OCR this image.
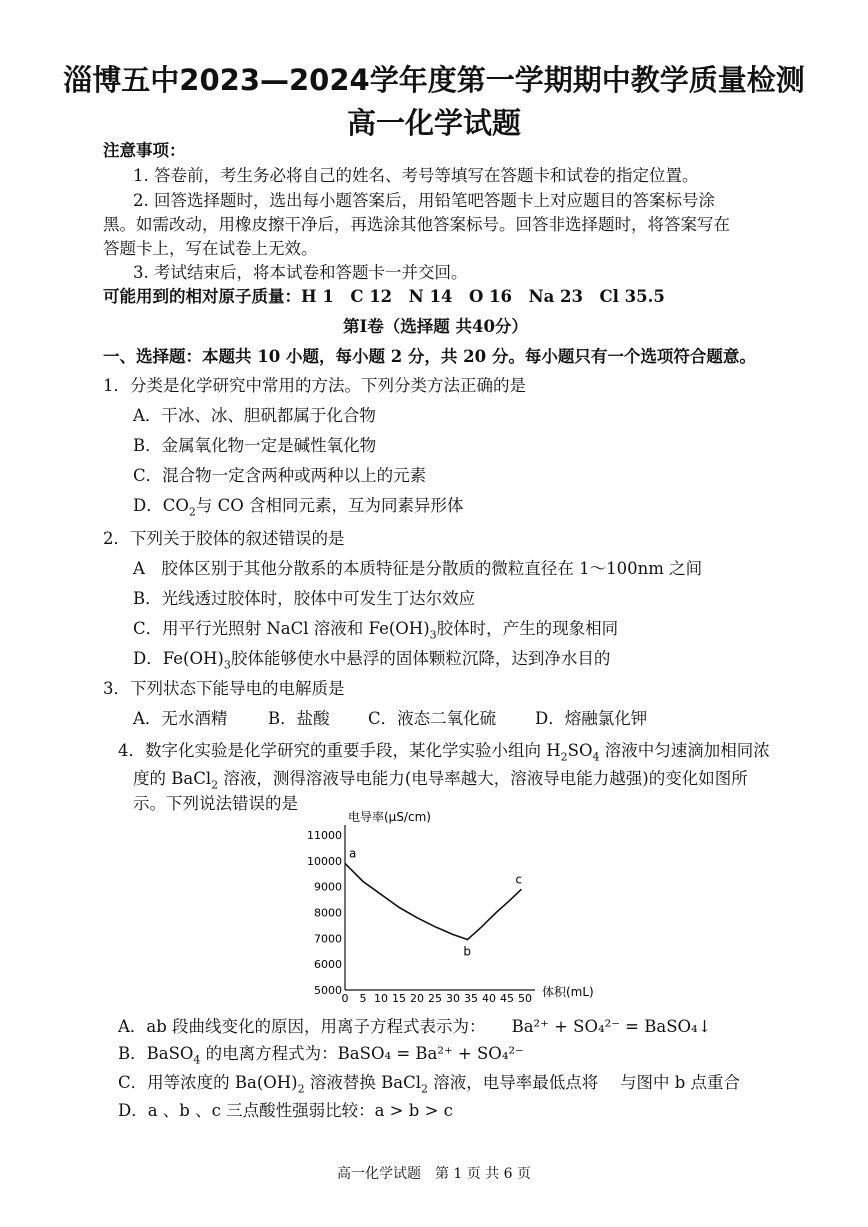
淄博五中2023—2024学年度第一学期期中教学质量检测
高一化学试题
注意事项：
1. 答卷前，考生务必将自己的姓名、考号等填写在答题卡和试卷的指定位置。
2. 回答选择题时，选出每小题答案后，用铅笔吧答题卡上对应题目的答案标号涂
黑。如需改动，用橡皮擦干净后，再选涂其他答案标号。回答非选择题时，将答案写在
答题卡上，写在试卷上无效。
3. 考试结束后，将本试卷和答题卡一并交回。
可能用到的相对原子质量：H 1　C 12　N 14　O 16　Na 23　Cl 35.5
第Ⅰ卷（选择题 共40分）
一、选择题：本题共 10 小题，每小题 2 分，共 20 分。每小题只有一个选项符合题意。
1．分类是化学研究中常用的方法。下列分类方法正确的是
A．干冰、冰、胆矾都属于化合物
B．金属氧化物一定是碱性氧化物
C．混合物一定含两种或两种以上的元素
D．$CO_2$与 CO 含相同元素，互为同素异形体
2．下列关于胶体的叙述错误的是
A　胶体区别于其他分散系的本质特征是分散质的微粒直径在 1～100nm 之间
B．光线透过胶体时，胶体中可发生丁达尔效应
C．用平行光照射 NaCl 溶液和 $Fe(OH)_3$胶体时，产生的现象相同
D．$Fe(OH)_3$胶体能够使水中悬浮的固体颗粒沉降，达到净水目的
3．下列状态下能导电的电解质是
A．无水酒精 B．盐酸 C．液态二氧化硫 D．熔融氯化钾
4．数字化实验是化学研究的重要手段，某化学实验小组向 $H_2SO_4$ 溶液中匀速滴加相同浓
度的 BaCl$_2$ 溶液，测得溶液导电能力(电导率越大，溶液导电能力越强)的变化如图所
示。下列说法错误的是
0 5 10 15 20 25 30 35 40 45 50
5000
6000
7000
8000
9000
10000
11000
a
b
c
电导率(μS/cm)
体积(mL)
A．ab 段曲线变化的原因，用离子方程式表示为： Ba²⁺ + SO₄²⁻ = BaSO₄↓
B．BaSO$_4$ 的电离方程式为：BaSO₄ = Ba²⁺ + SO₄²⁻
C．用等浓度的 $Ba(OH)_2$ 溶液替换 BaCl$_2$ 溶液，电导率最低点将　 与图中 b 点重合
D．a 、b 、c 三点酸性强弱比较：a > b > c
高一化学试题　第 1 页 共 6 页
